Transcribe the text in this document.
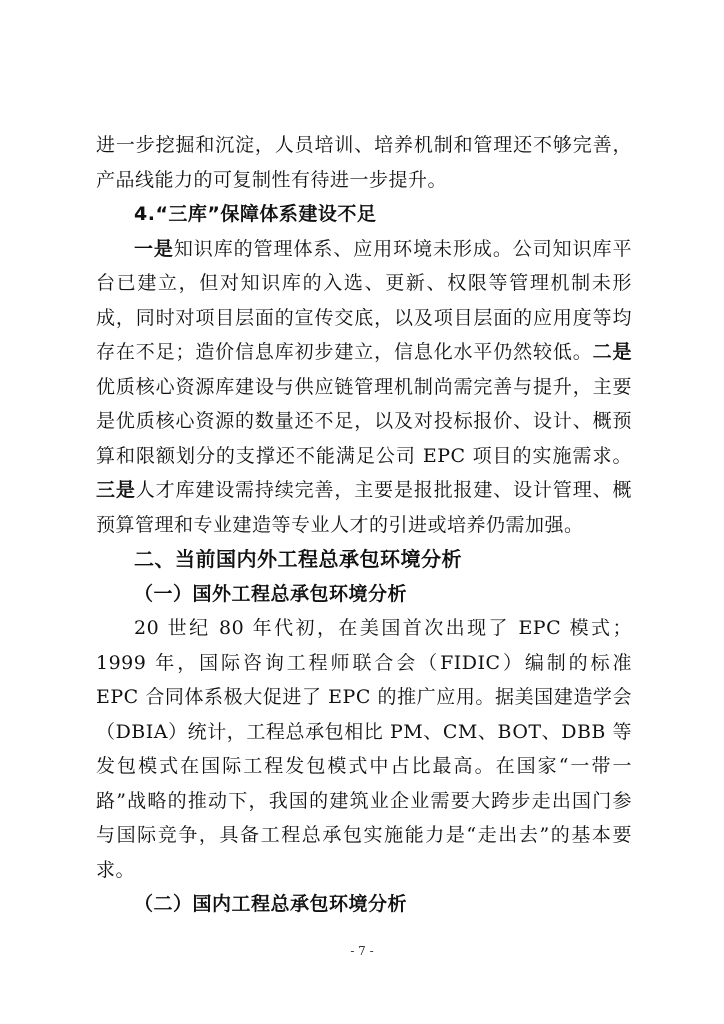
进一步挖掘和沉淀，人员培训、培养机制和管理还不够完善，产品线能力的可复制性有待进一步提升。

4.“三库”保障体系建设不足

一是知识库的管理体系、应用环境未形成。公司知识库平台已建立，但对知识库的入选、更新、权限等管理机制未形成，同时对项目层面的宣传交底，以及项目层面的应用度等均存在不足；造价信息库初步建立，信息化水平仍然较低。二是优质核心资源库建设与供应链管理机制尚需完善与提升，主要是优质核心资源的数量还不足，以及对投标报价、设计、概预算和限额划分的支撑还不能满足公司 EPC 项目的实施需求。三是人才库建设需持续完善，主要是报批报建、设计管理、概预算管理和专业建造等专业人才的引进或培养仍需加强。

二、当前国内外工程总承包环境分析

（一）国外工程总承包环境分析

20 世纪 80 年代初，在美国首次出现了 EPC 模式；1999 年，国际咨询工程师联合会（FIDIC）编制的标准 EPC 合同体系极大促进了 EPC 的推广应用。据美国建造学会（DBIA）统计，工程总承包相比 PM、CM、BOT、DBB 等发包模式在国际工程发包模式中占比最高。在国家“一带一路”战略的推动下，我国的建筑业企业需要大跨步走出国门参与国际竞争，具备工程总承包实施能力是“走出去”的基本要求。

（二）国内工程总承包环境分析

- 7 -
